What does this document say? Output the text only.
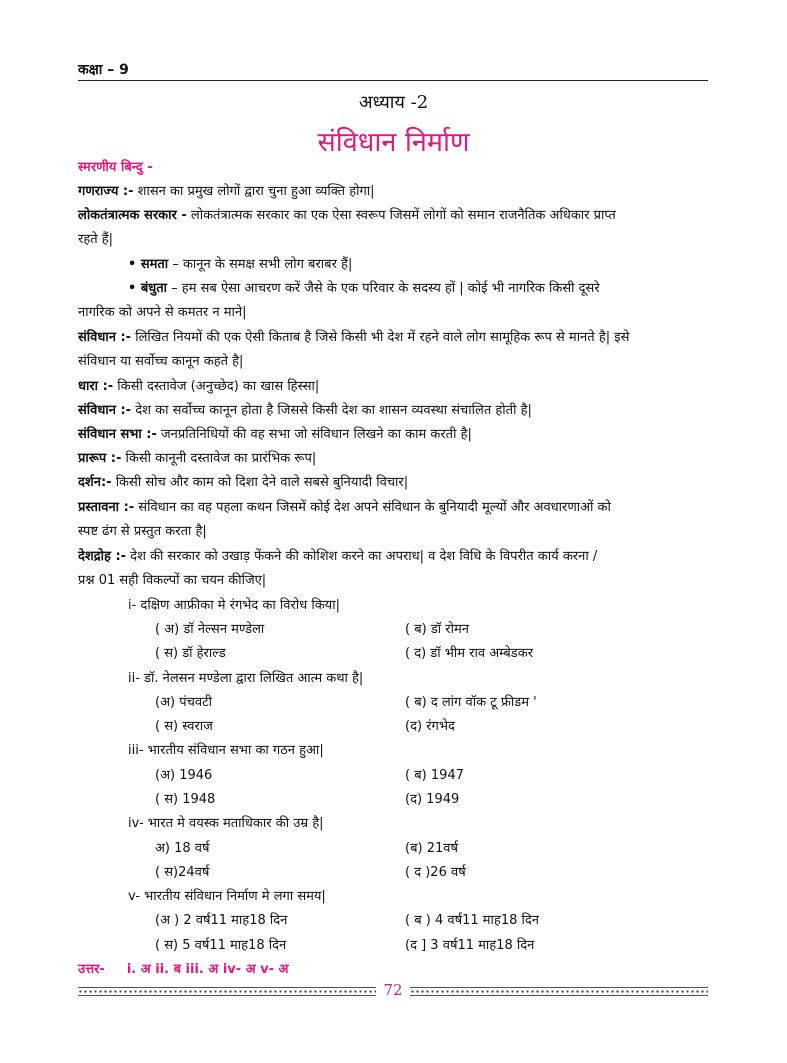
कक्षा – 9
अध्याय -2
संविधान निर्माण
स्मरणीय बिन्दु -
गणराज्य :- शासन का प्रमुख लोगों द्वारा चुना हुआ व्यक्ति होगा|
लोकतंत्रात्मक सरकार - लोकतंत्रात्मक सरकार का एक ऐसा स्वरूप जिसमें लोगों को समान राजनैतिक अधिकार प्राप्त
रहते हैं|
• समता – कानून के समक्ष सभी लोग बराबर हैं|
• बंधुता – हम सब ऐसा आचरण करें जैसे के एक परिवार के सदस्य हों | कोई भी नागरिक किसी दूसरे
नागरिक को अपने से कमतर न माने|
संविधान :- लिखित नियमों की एक ऐसी किताब है जिसे किसी भी देश में रहने वाले लोग सामूहिक रूप से मानते है| इसे
संविधान या सर्वोच्च कानून कहते है|
धारा :- किसी दस्तावेज (अनुच्छेद) का खास हिस्सा|
संविधान :- देश का सर्वोच्च कानून होता है जिससे किसी देश का शासन व्यवस्था संचालित होती है|
संविधान सभा :- जनप्रतिनिधियों की वह सभा जो संविधान लिखने का काम करती है|
प्रारूप :- किसी कानूनी दस्तावेज का प्रारंभिक रूप|
दर्शन:- किसी सोच और काम को दिशा देने वाले सबसे बुनियादी विचार|
प्रस्तावना :- संविधान का वह पहला कथन जिसमें कोई देश अपने संविधान के बुनियादी मूल्यों और अवधारणाओं को
स्पष्ट ढंग से प्रस्तुत करता है|
देशद्रोह :- देश की सरकार को उखाड़ फेंकने की कोशिश करने का अपराध| व देश विधि के विपरीत कार्य करना /
प्रश्न 01 सही विकल्पों का चयन कीजिए|
i- दक्षिण आफ्रीका मे रंगभेद का विरोध किया|
( अ) डॉ नेल्सन मण्डेला	( ब) डॉ रोमन
( स) डॉ हेराल्ड	( द) डॉ भीम राव अम्बेडकर
ii- डॉ. नेलसन मण्डेला द्वारा लिखित आत्म कथा है|
(अ) पंचवटी	( ब) द लांग वॉक टू फ्रीडम '
( स) स्वराज	(द) रंगभेद
iii- भारतीय संविधान सभा का गठन हुआ|
(अ) 1946	( ब) 1947
( स) 1948	(द) 1949
iv- भारत मे वयस्क मताधिकार की उम्र है|
अ) 18 वर्ष	(ब) 21वर्ष
( स)24वर्ष	( द )26 वर्ष
v- भारतीय संविधान निर्माण मे लगा समय|
(अ ) 2 वर्ष11 माह18 दिन	( ब ) 4 वर्ष11 माह18 दिन
( स) 5 वर्ष11 माह18 दिन	(द ] 3 वर्ष11 माह18 दिन
उत्तर- i. अ ii. ब iii. अ iv- अ v- अ
72
